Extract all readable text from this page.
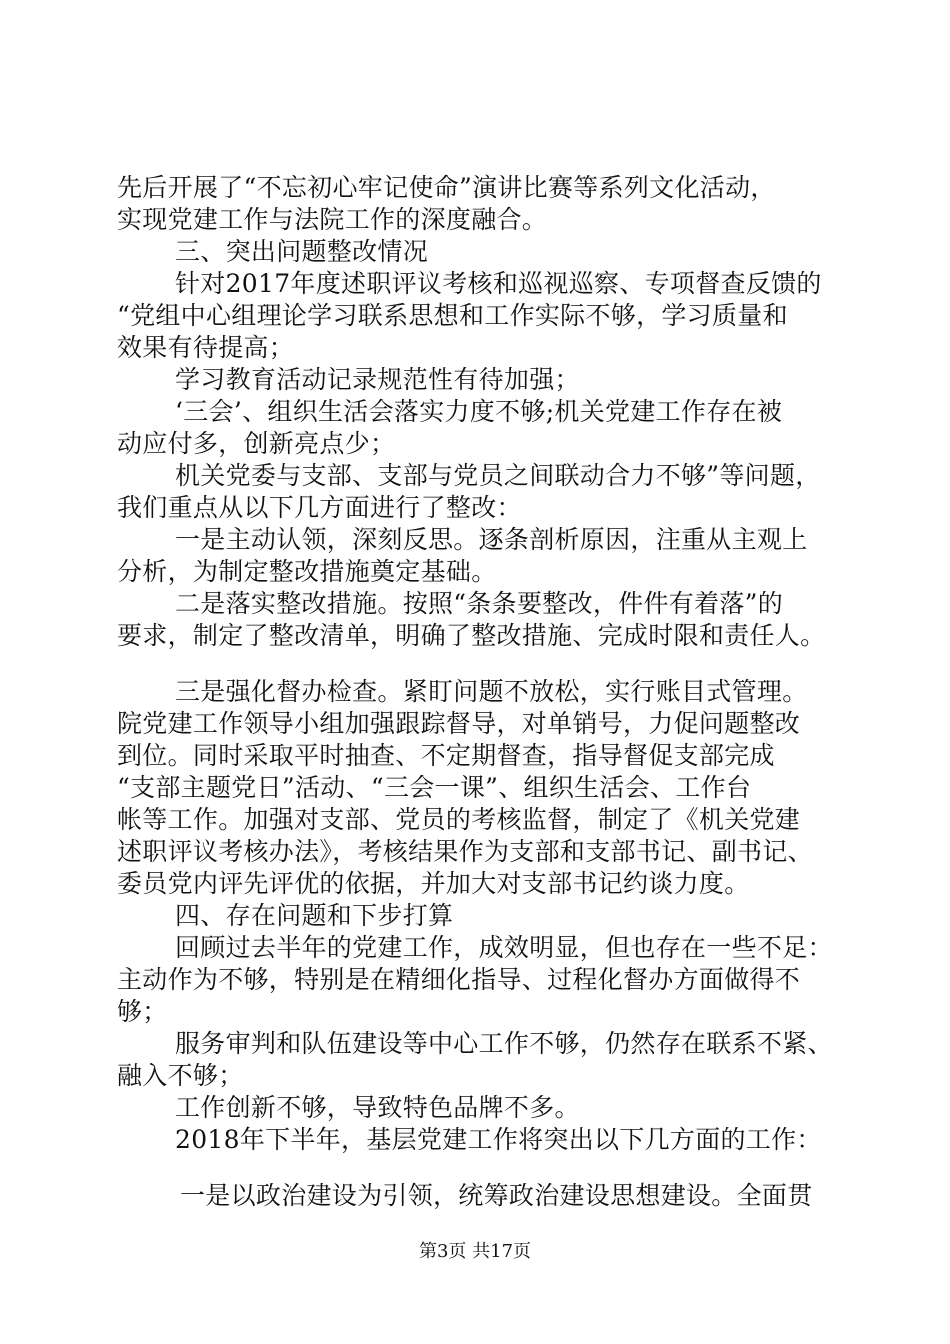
先后开展了“不忘初心牢记使命”演讲比赛等系列文化活动，
实现党建工作与法院工作的深度融合。
三、突出问题整改情况
针对2017年度述职评议考核和巡视巡察、专项督查反馈的
“党组中心组理论学习联系思想和工作实际不够，学习质量和
效果有待提高；
学习教育活动记录规范性有待加强；
‘三会’、组织生活会落实力度不够;机关党建工作存在被
动应付多，创新亮点少；
机关党委与支部、支部与党员之间联动合力不够”等问题，
我们重点从以下几方面进行了整改：
一是主动认领，深刻反思。逐条剖析原因，注重从主观上
分析，为制定整改措施奠定基础。
二是落实整改措施。按照“条条要整改，件件有着落”的
要求，制定了整改清单，明确了整改措施、完成时限和责任人。
三是强化督办检查。紧盯问题不放松，实行账目式管理。
院党建工作领导小组加强跟踪督导，对单销号，力促问题整改
到位。同时采取平时抽查、不定期督查，指导督促支部完成
“支部主题党日”活动、“三会一课”、组织生活会、工作台
帐等工作。加强对支部、党员的考核监督，制定了《机关党建
述职评议考核办法》，考核结果作为支部和支部书记、副书记、
委员党内评先评优的依据，并加大对支部书记约谈力度。
四、存在问题和下步打算
回顾过去半年的党建工作，成效明显，但也存在一些不足：
主动作为不够，特别是在精细化指导、过程化督办方面做得不
够；
服务审判和队伍建设等中心工作不够，仍然存在联系不紧、
融入不够；
工作创新不够，导致特色品牌不多。
2018年下半年，基层党建工作将突出以下几方面的工作：
一是以政治建设为引领，统筹政治建设思想建设。全面贯
第3页 共17页
